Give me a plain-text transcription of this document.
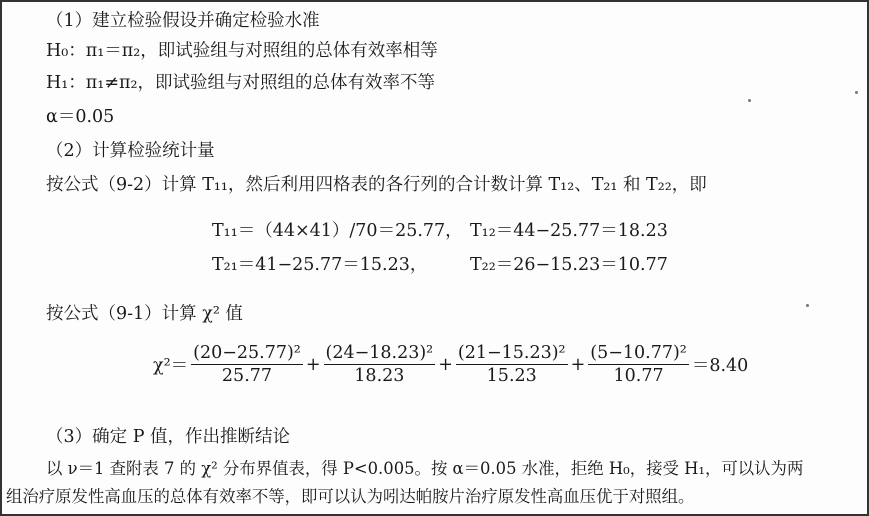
（1）建立检验假设并确定检验水准
H₀：π₁＝π₂，即试验组与对照组的总体有效率相等
H₁：π₁≠π₂，即试验组与对照组的总体有效率不等
α＝0.05
（2）计算检验统计量
按公式（9-2）计算 T₁₁，然后利用四格表的各行列的合计数计算 T₁₂、T₂₁ 和 T₂₂，即
T₁₁＝（44×41）/70＝25.77， T₁₂＝44−25.77＝18.23
T₂₁＝41−25.77＝15.23， T₂₂＝26−15.23＝10.77
按公式（9-1）计算 χ² 值
$\chi^2= \frac{\text{(20−25.77)²}}{25.77} + \frac{\text{(24−18.23)²}}{18.23} + \frac{\text{(21−15.23)²}}{15.23} + \frac{\text{(5−10.77)²}}{10.77} =8.40$
（3）确定 P 值，作出推断结论
以 ν＝1 查附表 7 的 χ² 分布界值表，得 P<0.005。按 α＝0.05 水准，拒绝 H₀，接受 H₁，可以认为两
组治疗原发性高血压的总体有效率不等，即可以认为吲达帕胺片治疗原发性高血压优于对照组。
